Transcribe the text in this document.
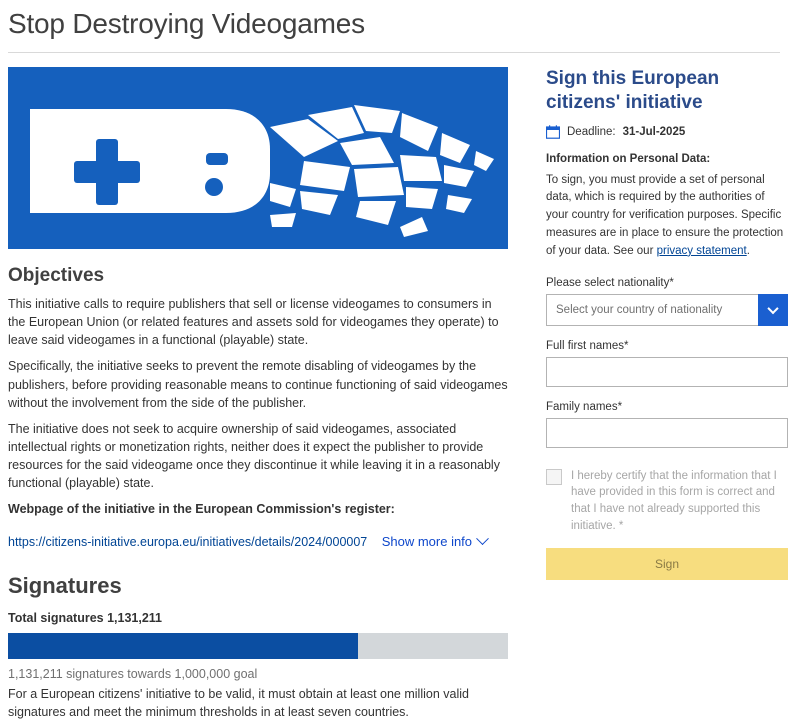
Stop Destroying Videogames
Objectives

This initiative calls to require publishers that sell or license videogames to consumers in the European Union (or related features and assets sold for videogames they operate) to leave said videogames in a functional (playable) state.

Specifically, the initiative seeks to prevent the remote disabling of videogames by the publishers, before providing reasonable means to continue functioning of said videogames without the involvement from the side of the publisher.

The initiative does not seek to acquire ownership of said videogames, associated intellectual rights or monetization rights, neither does it expect the publisher to provide resources for the said videogame once they discontinue it while leaving it in a reasonably functional (playable) state.

Webpage of the initiative in the European Commission's register:
https://citizens-initiative.europa.eu/initiatives/details/2024/000007 Show more info
Signatures
Total signatures 1,131,211
1,131,211 signatures towards 1,000,000 goal
For a European citizens' initiative to be valid, it must obtain at least one million valid signatures and meet the minimum thresholds in at least seven countries.
Sign this European citizens' initiative
Deadline: 31-Jul-2025
Information on Personal Data:

To sign, you must provide a set of personal data, which is required by the authorities of your country for verification purposes. Specific measures are in place to ensure the protection of your data. See our privacy statement.

Please select nationality*
Select your country of nationality
Full first names*
Family names*
I hereby certify that the information that I have provided in this form is correct and that I have not already supported this initiative. *
Sign
